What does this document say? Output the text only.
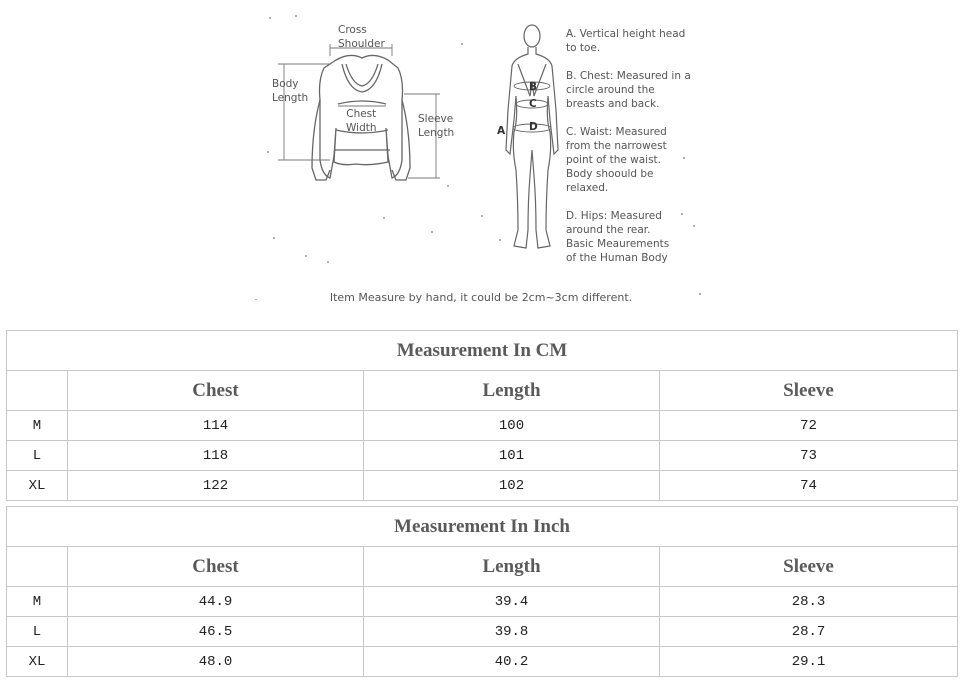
Cross
Shoulder
Body
Length
Chest
Width
Sleeve
Length	A
B
C
D
A. Vertical height head
to toe.
B. Chest: Measured in a
circle around the
breasts and back.
C. Waist: Measured
from the narrowest
point of the waist.
Body shoould be
relaxed.
D. Hips: Measured
around the rear.
Basic Meaurements
of the Human Body
Item Measure by hand, it could be 2cm~3cm different.
Measurement In CM			
	Chest	Length	Sleeve
M	114	100	72
L	118	101	73
XL	122	102	74
Measurement In Inch			
	Chest	Length	Sleeve
M	44.9	39.4	28.3
L	46.5	39.8	28.7
XL	48.0	40.2	29.1
